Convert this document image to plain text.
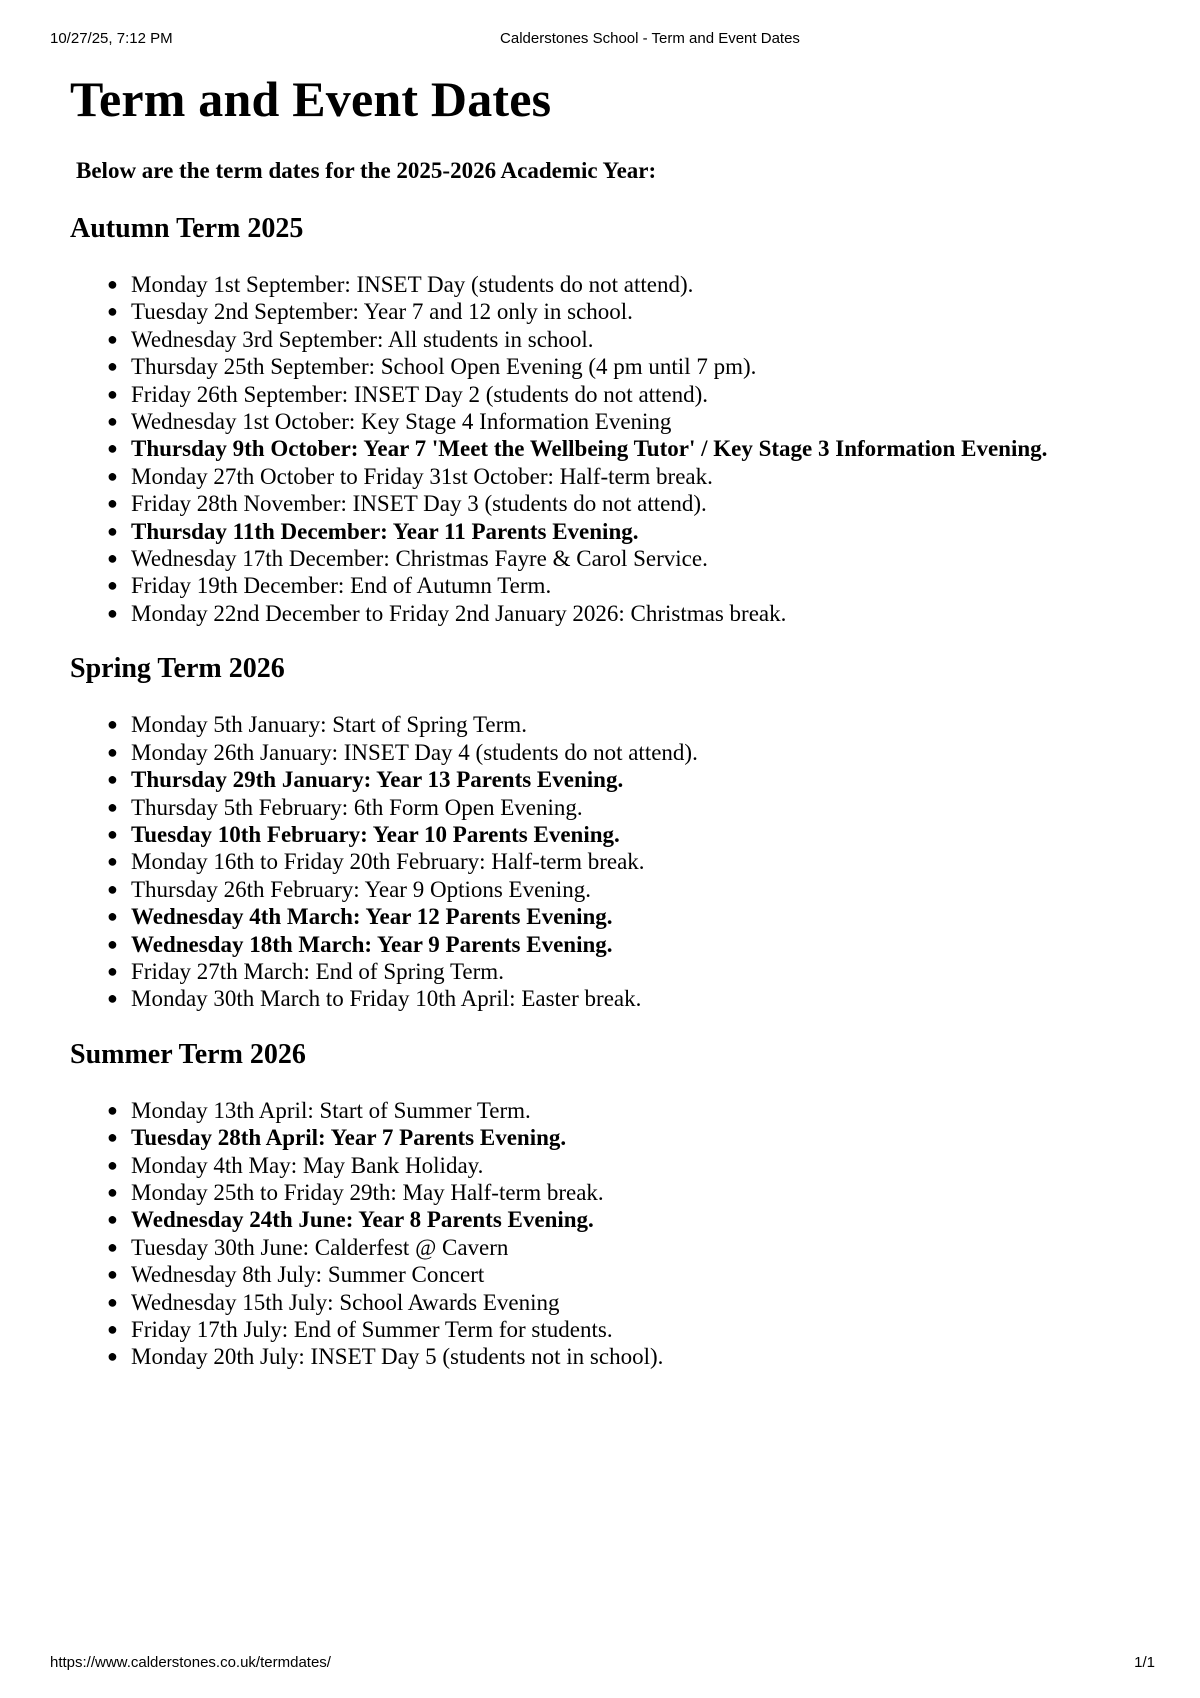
10/27/25, 7:12 PM	Calderstones School - Term and Event Dates
Term and Event Dates
Below are the term dates for the 2025-2026 Academic Year:
Autumn Term 2025
● Monday 1st September: INSET Day (students do not attend).
● Tuesday 2nd September: Year 7 and 12 only in school.
● Wednesday 3rd September: All students in school.
● Thursday 25th September: School Open Evening (4 pm until 7 pm).
● Friday 26th September: INSET Day 2 (students do not attend).
● Wednesday 1st October: Key Stage 4 Information Evening
● Thursday 9th October: Year 7 'Meet the Wellbeing Tutor' / Key Stage 3 Information Evening.
● Monday 27th October to Friday 31st October: Half-term break.
● Friday 28th November: INSET Day 3 (students do not attend).
● Thursday 11th December: Year 11 Parents Evening.
● Wednesday 17th December: Christmas Fayre & Carol Service.
● Friday 19th December: End of Autumn Term.
● Monday 22nd December to Friday 2nd January 2026: Christmas break.
Spring Term 2026
● Monday 5th January: Start of Spring Term.
● Monday 26th January: INSET Day 4 (students do not attend).
● Thursday 29th January: Year 13 Parents Evening.
● Thursday 5th February: 6th Form Open Evening.
● Tuesday 10th February: Year 10 Parents Evening.
● Monday 16th to Friday 20th February: Half-term break.
● Thursday 26th February: Year 9 Options Evening.
● Wednesday 4th March: Year 12 Parents Evening.
● Wednesday 18th March: Year 9 Parents Evening.
● Friday 27th March: End of Spring Term.
● Monday 30th March to Friday 10th April: Easter break.
Summer Term 2026
● Monday 13th April: Start of Summer Term.
● Tuesday 28th April: Year 7 Parents Evening.
● Monday 4th May: May Bank Holiday.
● Monday 25th to Friday 29th: May Half-term break.
● Wednesday 24th June: Year 8 Parents Evening.
● Tuesday 30th June: Calderfest @ Cavern
● Wednesday 8th July: Summer Concert
● Wednesday 15th July: School Awards Evening
● Friday 17th July: End of Summer Term for students.
● Monday 20th July: INSET Day 5 (students not in school).
https://www.calderstones.co.uk/termdates/	1/1
